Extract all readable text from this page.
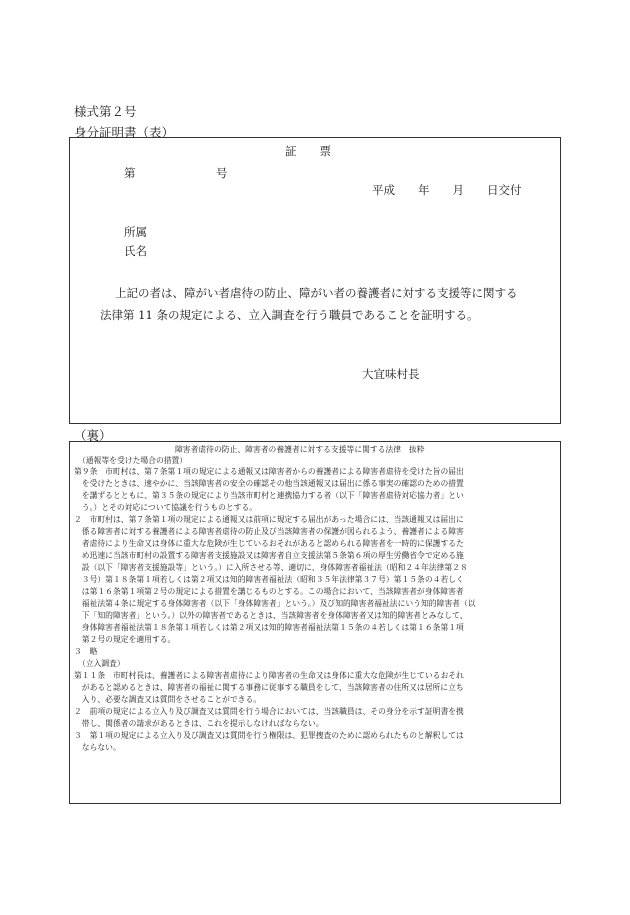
様式第２号
身分証明書（表）
証　　票
第　　　　　　　号
平成　　年　　月　　日交付
所属
氏名
上記の者は、障がい者虐待の防止、障がい者の養護者に対する支援等に関する
法律第 11 条の規定による、立入調査を行う職員であることを証明する。
大宜味村長
（裏）
障害者虐待の防止、障害者の養護者に対する支援等に関する法律　抜粋
（通報等を受けた場合の措置）
第９条　市町村は、第７条第１項の規定による通報又は障害者からの養護者による障害者虐待を受けた旨の届出
　を受けたときは、速やかに、当該障害者の安全の確認その他当該通報又は届出に係る事実の確認のための措置
　を講ずるとともに、第３５条の規定により当該市町村と連携協力する者（以下「障害者虐待対応協力者」とい
　う。）とその対応について協議を行うものとする。
２　市町村は、第７条第１項の規定による通報又は前項に規定する届出があった場合には、当該通報又は届出に
　係る障害者に対する養護者による障害者虐待の防止及び当該障害者の保護が図られるよう、養護者による障害
　者虐待により生命又は身体に重大な危険が生じているおそれがあると認められる障害者を一時的に保護するた
　め迅速に当該市町村の設置する障害者支援施設又は障害者自立支援法第５条第６項の厚生労働省令で定める施
　設（以下「障害者支援施設等」という。）に入所させる等、適切に、身体障害者福祉法（昭和２４年法律第２８
　３号）第１８条第１項若しくは第２項又は知的障害者福祉法（昭和３５年法律第３７号）第１５条の４若しく
　は第１６条第１項第２号の規定による措置を講じるものとする。この場合において、当該障害者が身体障害者
　福祉法第４条に規定する身体障害者（以下「身体障害者」という。）及び知的障害者福祉法にいう知的障害者（以
　下「知的障害者」という。）以外の障害者であるときは、当該障害者を身体障害者又は知的障害者とみなして、
　身体障害者福祉法第１８条第１項若しくは第２項又は知的障害者福祉法第１５条の４若しくは第１６条第１項
　第２号の規定を適用する。
３　略
（立入調査）
第１１条　市町村長は、養護者による障害者虐待により障害者の生命又は身体に重大な危険が生じているおそれ
　があると認めるときは、障害者の福祉に関する事務に従事する職員をして、当該障害者の住所又は居所に立ち
　入り、必要な調査又は質問をさせることができる。
２　前項の規定による立入り及び調査又は質問を行う場合においては、当該職員は、その身分を示す証明書を携
　帯し、関係者の請求があるときは、これを提示しなければならない。
３　第１項の規定による立入り及び調査又は質問を行う権限は、犯罪捜査のために認められたものと解釈しては
　ならない。
